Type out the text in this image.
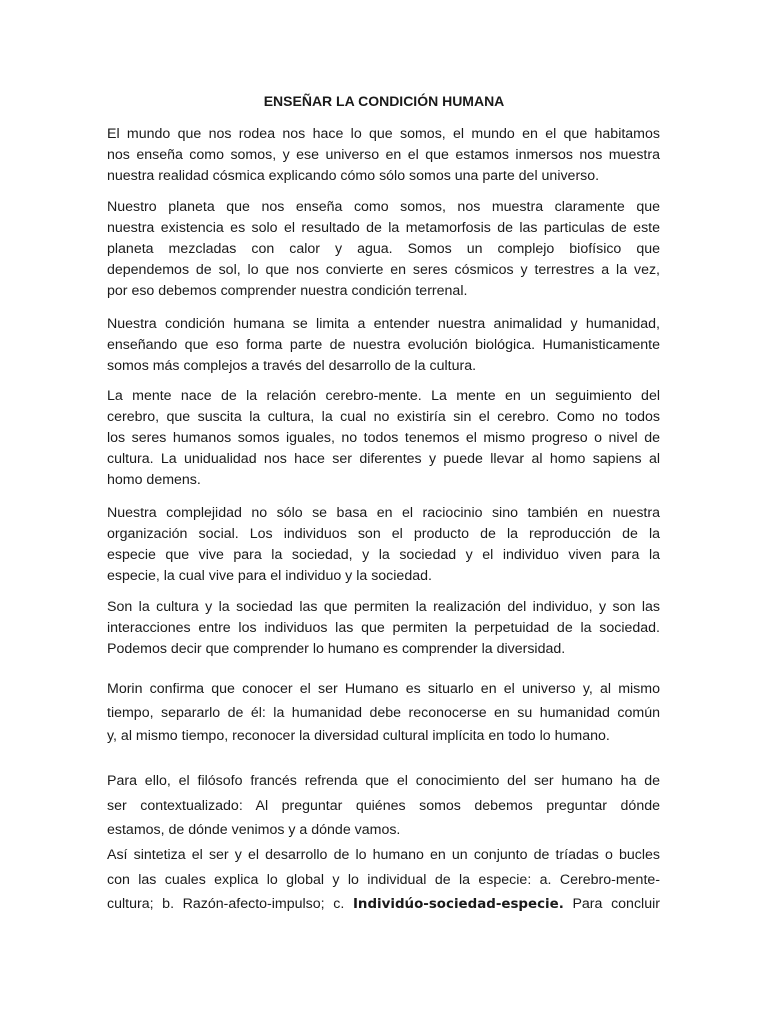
ENSEÑAR LA CONDICIÓN HUMANA
El mundo que nos rodea nos hace lo que somos, el mundo en el que habitamos
nos enseña como somos, y ese universo en el que estamos inmersos nos muestra
nuestra realidad cósmica explicando cómo sólo somos una parte del universo.
Nuestro planeta que nos enseña como somos, nos muestra claramente que
nuestra existencia es solo el resultado de la metamorfosis de las particulas de este
planeta mezcladas con calor y agua. Somos un complejo biofísico que
dependemos de sol, lo que nos convierte en seres cósmicos y terrestres a la vez,
por eso debemos comprender nuestra condición terrenal.
Nuestra condición humana se limita a entender nuestra animalidad y humanidad,
enseñando que eso forma parte de nuestra evolución biológica. Humanisticamente
somos más complejos a través del desarrollo de la cultura.
La mente nace de la relación cerebro-mente. La mente en un seguimiento del
cerebro, que suscita la cultura, la cual no existiría sin el cerebro. Como no todos
los seres humanos somos iguales, no todos tenemos el mismo progreso o nivel de
cultura. La unidualidad nos hace ser diferentes y puede llevar al homo sapiens al
homo demens.
Nuestra complejidad no sólo se basa en el raciocinio sino también en nuestra
organización social. Los individuos son el producto de la reproducción de la
especie que vive para la sociedad, y la sociedad y el individuo viven para la
especie, la cual vive para el individuo y la sociedad.
Son la cultura y la sociedad las que permiten la realización del individuo, y son las
interacciones entre los individuos las que permiten la perpetuidad de la sociedad.
Podemos decir que comprender lo humano es comprender la diversidad.
Morin confirma que conocer el ser Humano es situarlo en el universo y, al mismo
tiempo, separarlo de él: la humanidad debe reconocerse en su humanidad común
y, al mismo tiempo, reconocer la diversidad cultural implícita en todo lo humano.
Para ello, el filósofo francés refrenda que el conocimiento del ser humano ha de
ser contextualizado: Al preguntar quiénes somos debemos preguntar dónde
estamos, de dónde venimos y a dónde vamos.
Así sintetiza el ser y el desarrollo de lo humano en un conjunto de tríadas o bucles
con las cuales explica lo global y lo individual de la especie: a. Cerebro-mente-
cultura; b. Razón-afecto-impulso; c. Individúo-sociedad-especie. Para concluir
